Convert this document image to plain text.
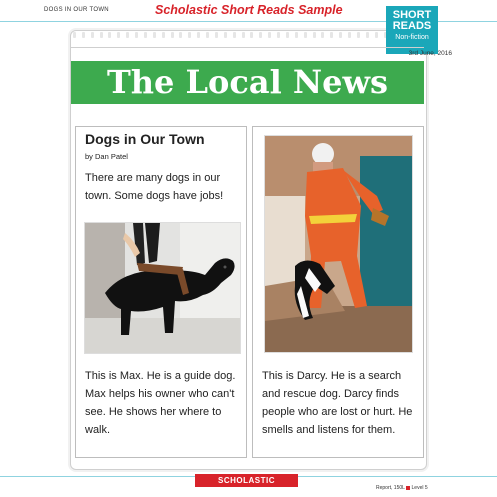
DOGS IN OUR TOWN	Scholastic Short Reads Sample	SHORT
READS
Non-fiction
3rd June, 2016
The Local News
Dogs in Our Town
by Dan Patel
There are many dogs in our town. Some dogs have jobs!
This is Max. He is a guide dog. Max helps his owner who can't see. He shows her where to walk.
This is Darcy. He is a search and rescue dog. Darcy finds people who are lost or hurt. He smells and listens for them.
SCHOLASTIC
Report, 150L Level 5
